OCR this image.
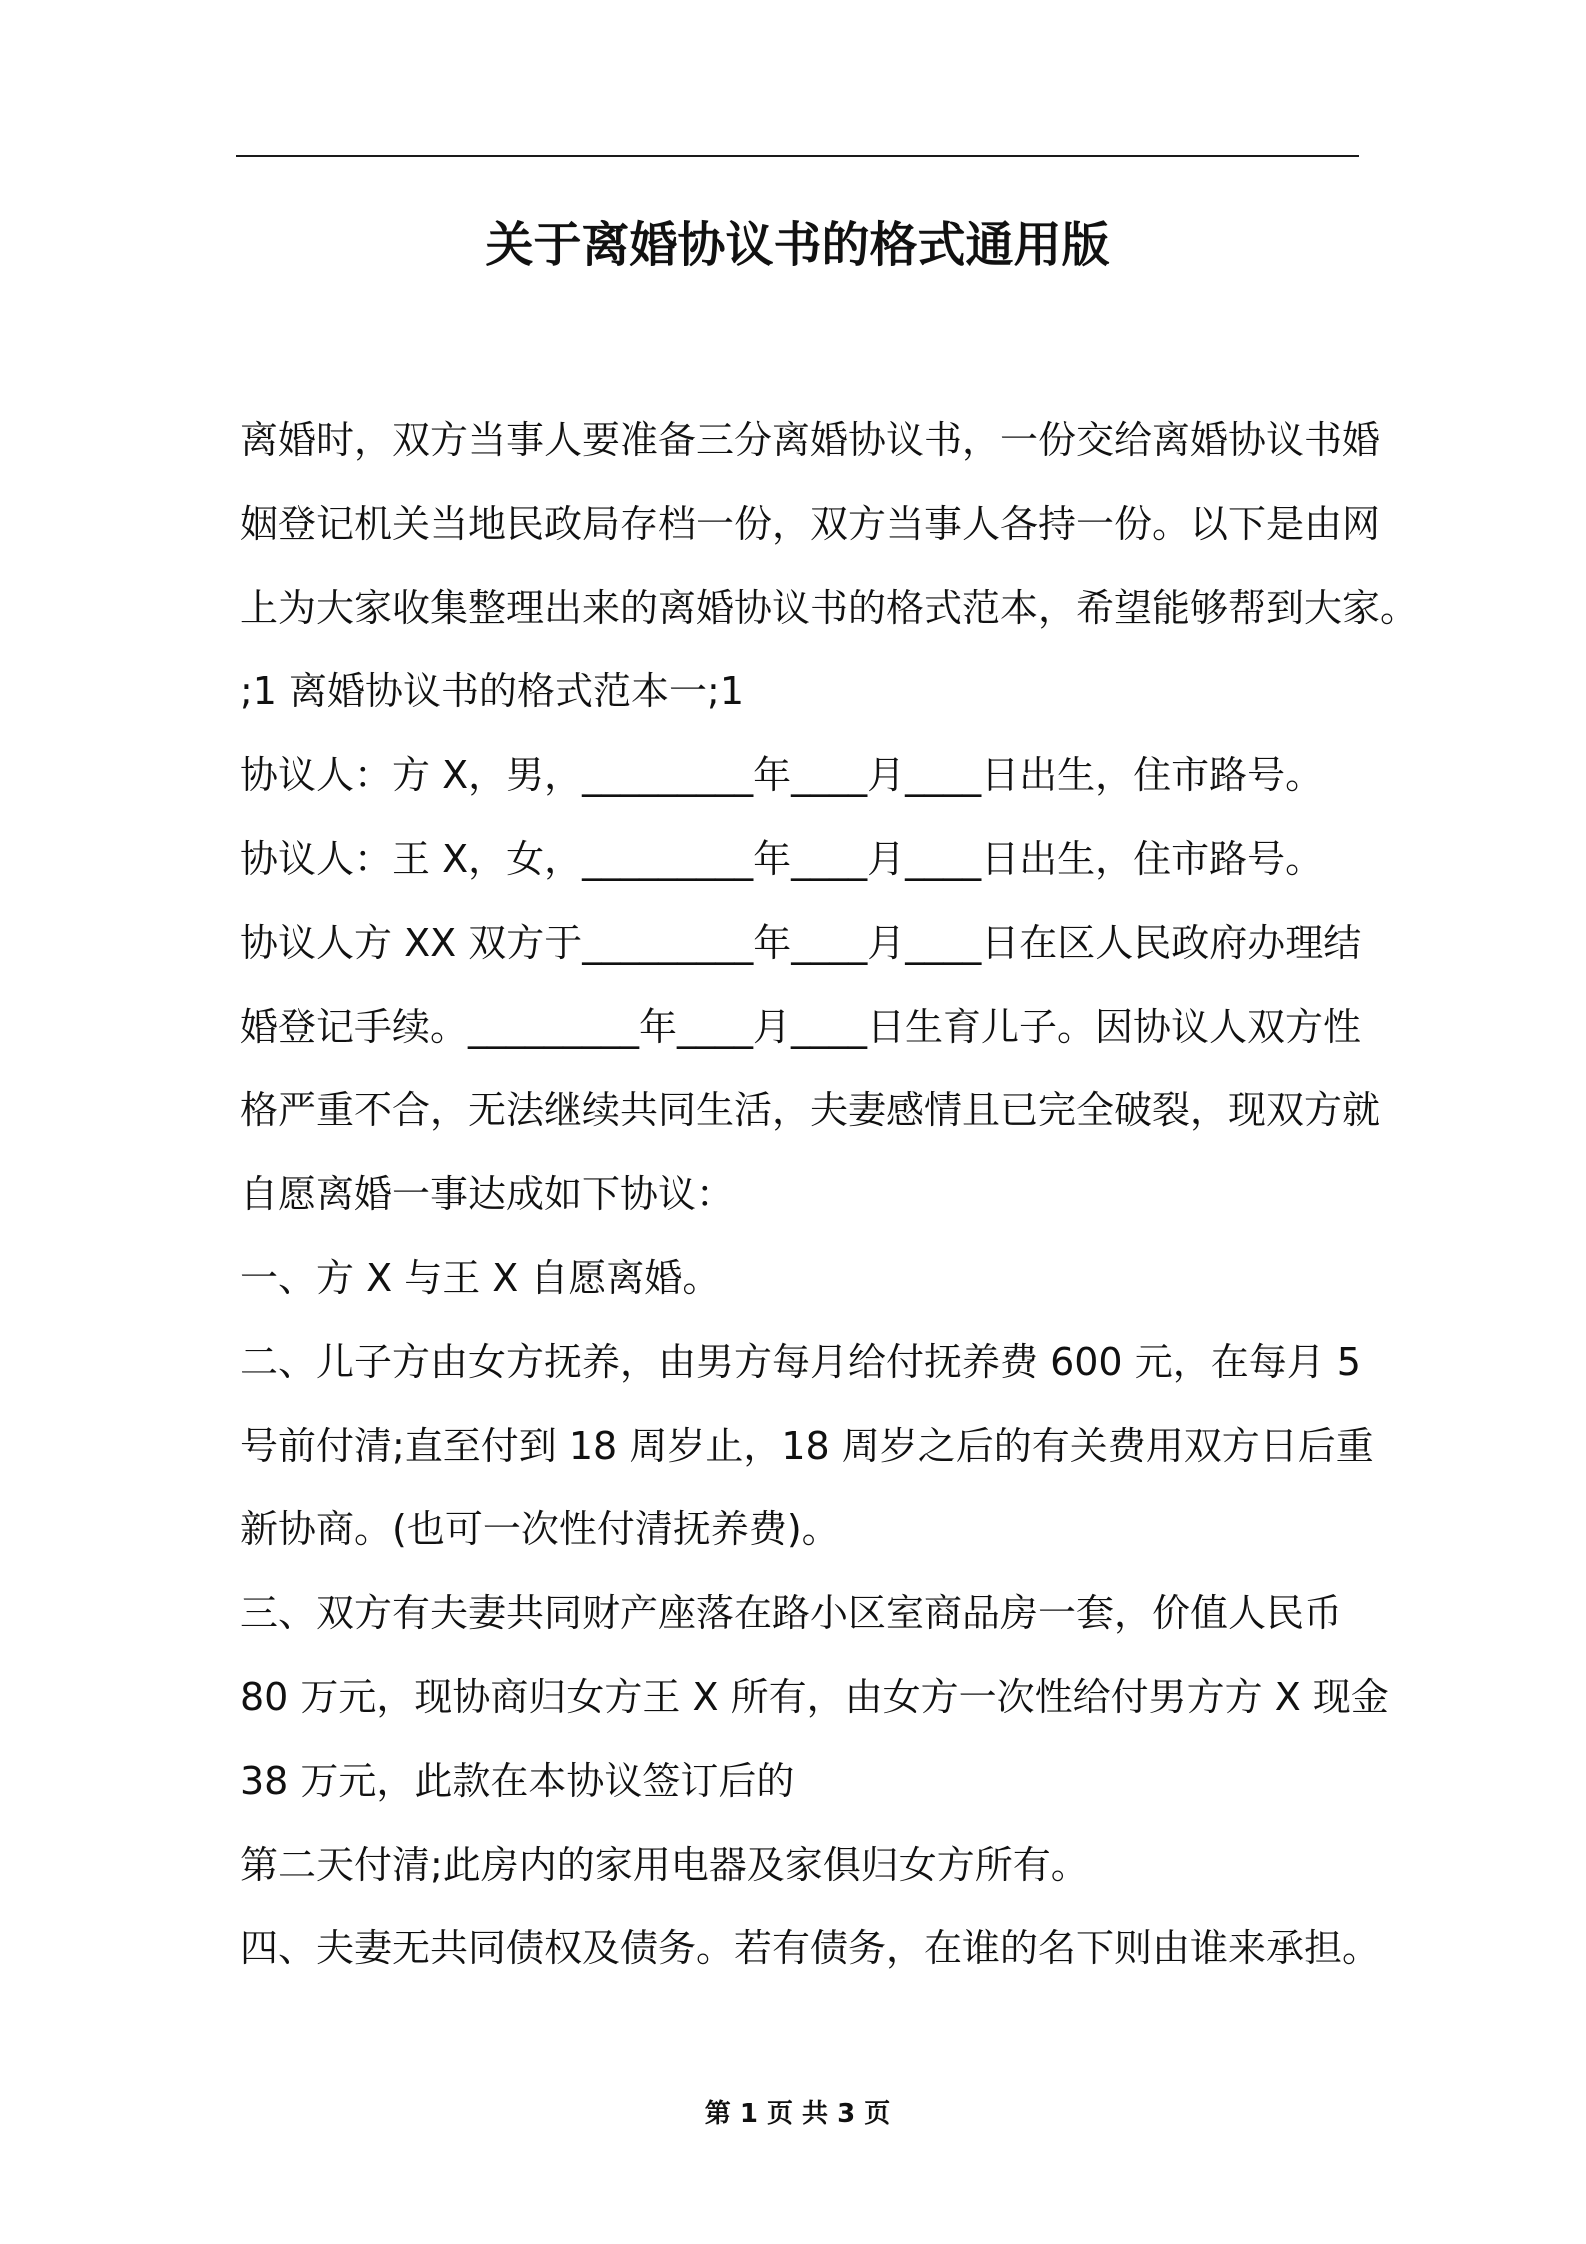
关于离婚协议书的格式通用版
离婚时，双方当事人要准备三分离婚协议书，一份交给离婚协议书婚
姻登记机关当地民政局存档一份，双方当事人各持一份。以下是由网
上为大家收集整理出来的离婚协议书的格式范本，希望能够帮到大家。
;1 离婚协议书的格式范本一;1
协议人：方 X，男，_________年____月____日出生，住市路号。
协议人：王 X，女，_________年____月____日出生，住市路号。
协议人方 XX 双方于_________年____月____日在区人民政府办理结
婚登记手续。_________年____月____日生育儿子。因协议人双方性
格严重不合，无法继续共同生活，夫妻感情且已完全破裂，现双方就
自愿离婚一事达成如下协议：
一、方 X 与王 X 自愿离婚。
二、儿子方由女方抚养，由男方每月给付抚养费 600 元，在每月 5
号前付清;直至付到 18 周岁止，18 周岁之后的有关费用双方日后重
新协商。(也可一次性付清抚养费)。
三、双方有夫妻共同财产座落在路小区室商品房一套，价值人民币
80 万元，现协商归女方王 X 所有，由女方一次性给付男方方 X 现金
38 万元，此款在本协议签订后的
第二天付清;此房内的家用电器及家俱归女方所有。
四、夫妻无共同债权及债务。若有债务，在谁的名下则由谁来承担。
第 1 页 共 3 页
